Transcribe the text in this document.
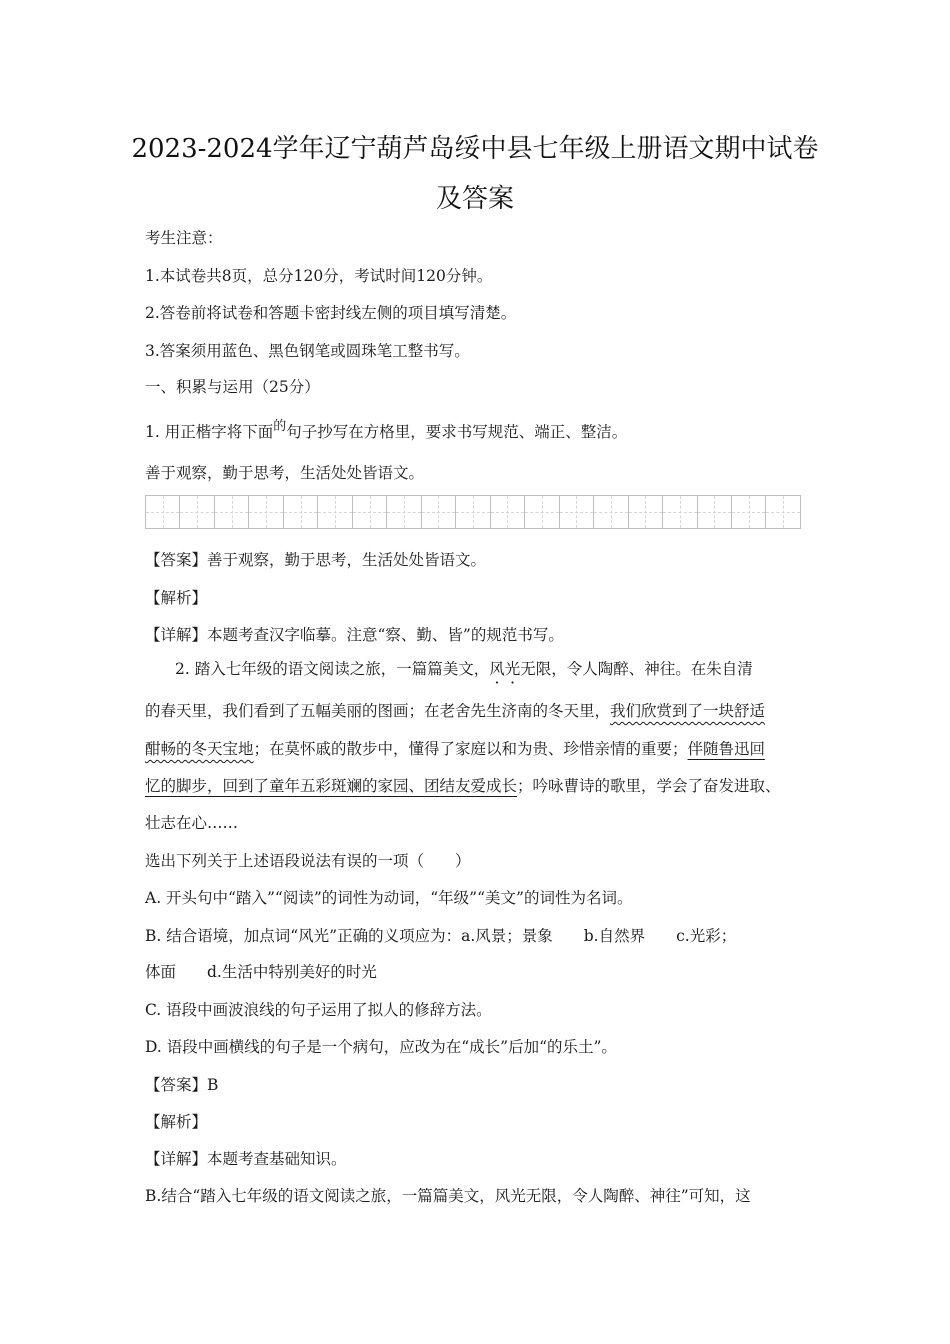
2023-2024学年辽宁葫芦岛绥中县七年级上册语文期中试卷
及答案
考生注意：
1.本试卷共8页，总分120分，考试时间120分钟。
2.答卷前将试卷和答题卡密封线左侧的项目填写清楚。
3.答案须用蓝色、黑色钢笔或圆珠笔工整书写。
一、积累与运用（25分）
1. 用正楷字将下面$^的$句子抄写在方格里，要求书写规范、端正、整洁。
善于观察，勤于思考，生活处处皆语文。
【答案】善于观察，勤于思考，生活处处皆语文。
【解析】
【详解】本题考查汉字临摹。注意“察、勤、皆”的规范书写。
2. 踏入七年级的语文阅读之旅，一篇篇美文，风光无限，令人陶醉、神往。在朱自清
的春天里，我们看到了五幅美丽的图画；在老舍先生济南的冬天里，我们欣赏到了一块舒适
酣畅的冬天宝地；在莫怀戚的散步中，懂得了家庭以和为贵、珍惜亲情的重要；伴随鲁迅回
忆的脚步，回到了童年五彩斑斓的家园、团结友爱成长；吟咏曹诗的歌里，学会了奋发进取、
壮志在心……
选出下列关于上述语段说法有误的一项（　　）
A. 开头句中“踏入”“阅读”的词性为动词，“年级”“美文”的词性为名词。
B. 结合语境，加点词“风光”正确的义项应为：a.风景；景象　　b.自然界　　c.光彩；
体面　　d.生活中特别美好的时光
C. 语段中画波浪线的句子运用了拟人的修辞方法。
D. 语段中画横线的句子是一个病句，应改为在“成长”后加“的乐土”。
【答案】B
【解析】
【详解】本题考查基础知识。
B.结合“踏入七年级的语文阅读之旅，一篇篇美文，风光无限，令人陶醉、神往”可知，这
